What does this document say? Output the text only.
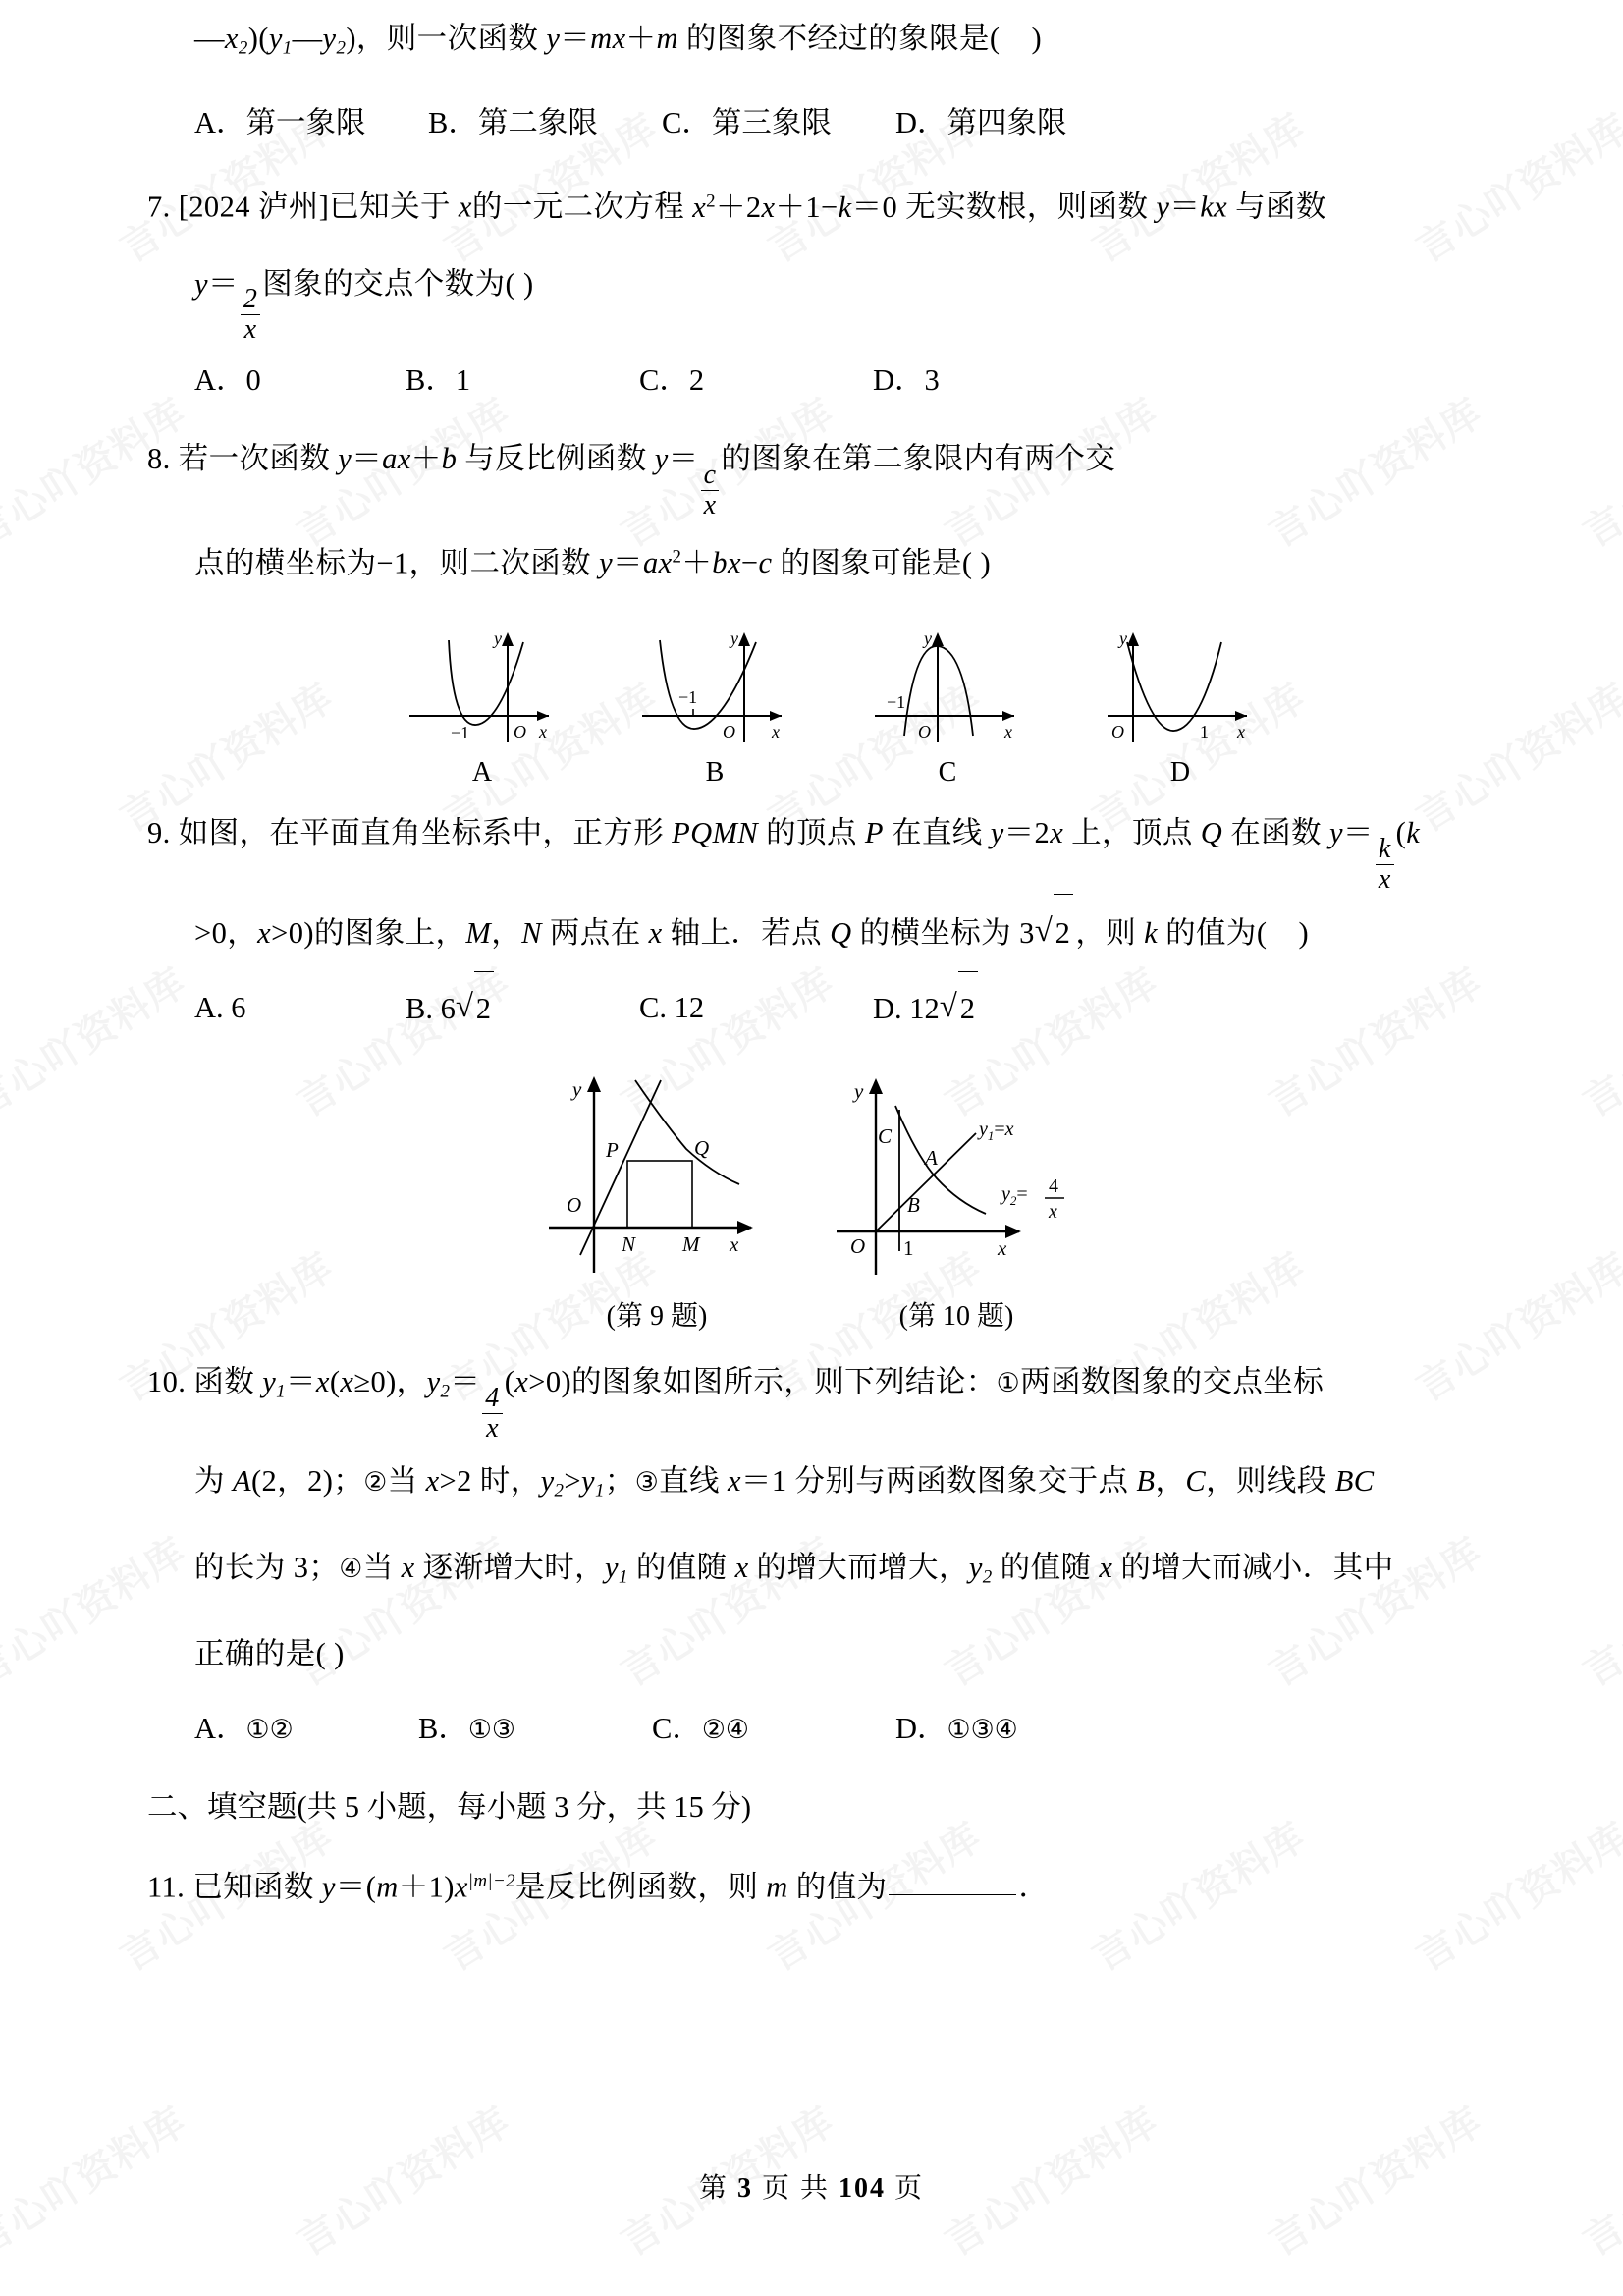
$—x_2)(y_1—y_2)$，则一次函数 y＝mx＋m 的图象不经过的象限是(    )
A．第一象限	B．第二象限	C．第三象限	D．第四象限
7. [2024 泸州]已知关于 x的一元二次方程 $x^2+2x+1-k=0$ 无实数根，则函数 y＝kx 与函数
y＝
$\frac{2}{x}$
图象的交点个数为( )
A．0	B．1	C．2	D．3
8. 若一次函数 y＝ax＋b 与反比例函数 y＝
$\frac{c}{x}$
的图象在第二象限内有两个交
点的横坐标为−1，则二次函数 $y=ax^2+bx-c$ 的图象可能是( )
−1 O x
y
A
−1
O x
y
B
−1
O	x
y
C
O	1 x
y
D
9. 如图，在平面直角坐标系中，正方形 PQMN 的顶点 P 在直线 y＝2x 上，顶点 Q 在函数 y＝
$\frac{k}{x}$
(k
>0，x>0)的图象上，M，N 两点在 x 轴上．若点 Q 的横坐标为 3 √ 2 ，则 k 的值为(    )
A. 6	B. 6 √ 2	C. 12	D. 12 √ 2
P	Q
N M
O
x
y
(第 9 题)
C
A
B
O 1	x
y
$y_1=x$
$y_2= 4$
x
(第 10 题)
10. 函数 $y_1=x(x\ge 0)$，$y_2=$
$\frac{4}{x}$
(x>0)的图象如图所示，则下列结论：①两函数图象的交点坐标
为 A(2，2)；②当 x>2 时，$y_2>y_1$；③直线 x＝1 分别与两函数图象交于点 B，C，则线段 BC
的长为 3；④当 x 逐渐增大时，$y_1$ 的值随 x 的增大而增大，$y_2$ 的值随 x 的增大而减小．其中
正确的是( )
A．①②	B．①③	C．②④	D．①③④
二、填空题(共 5 小题，每小题 3 分，共 15 分)
11. 已知函数 $y=(m+1)x^{|m|-2}$是反比例函数，则 m 的值为	．
第 3 页 共 104 页
